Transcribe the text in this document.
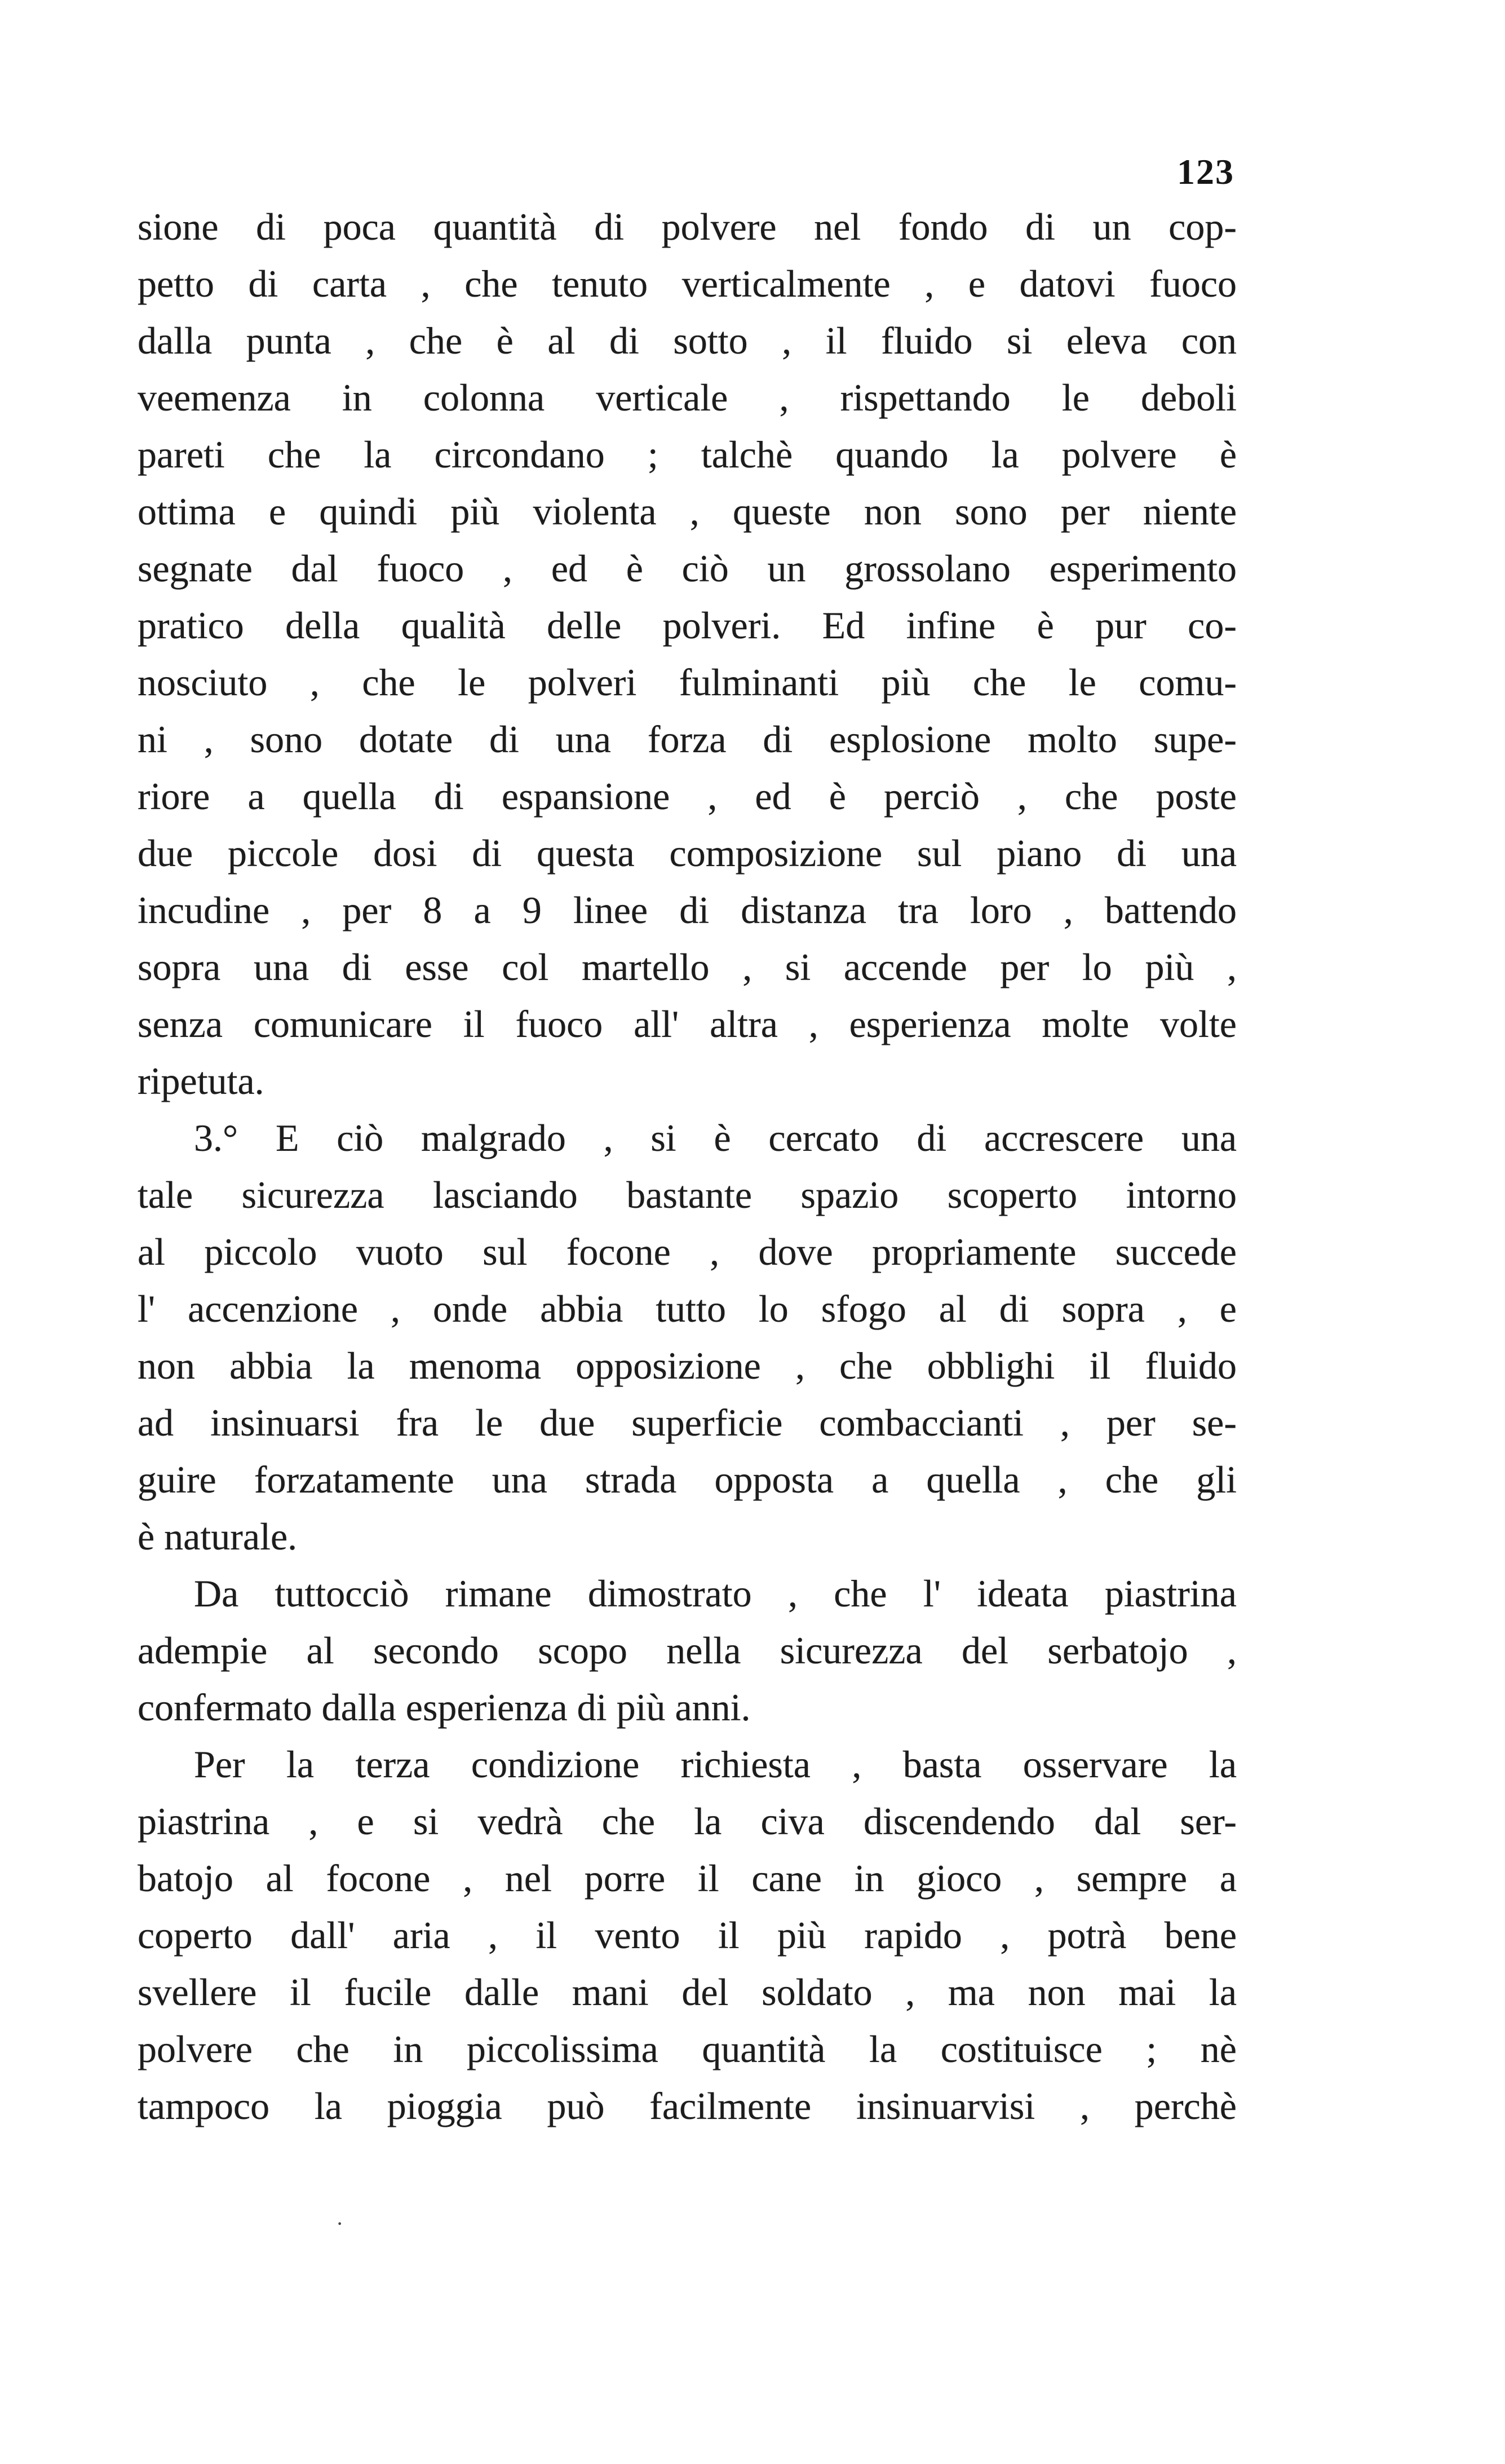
123
sione di poca quantità di polvere nel fondo di un cop-
petto di carta , che tenuto verticalmente , e datovi fuoco
dalla punta , che è al di sotto , il fluido si eleva con
veemenza in colonna verticale , rispettando le deboli
pareti che la circondano ; talchè quando la polvere è
ottima e quindi più violenta , queste non sono per niente
segnate dal fuoco , ed è ciò un grossolano esperimento
pratico della qualità delle polveri. Ed infine è pur co-
nosciuto , che le polveri fulminanti più che le comu-
ni , sono dotate di una forza di esplosione molto supe-
riore a quella di espansione , ed è perciò , che poste
due piccole dosi di questa composizione sul piano di una
incudine , per 8 a 9 linee di distanza tra loro , battendo
sopra una di esse col martello , si accende per lo più ,
senza comunicare il fuoco all' altra , esperienza molte volte
ripetuta.
3.° E ciò malgrado , si è cercato di accrescere una
tale sicurezza lasciando bastante spazio scoperto intorno
al piccolo vuoto sul focone , dove propriamente succede
l' accenzione , onde abbia tutto lo sfogo al di sopra , e
non abbia la menoma opposizione , che obblighi il fluido
ad insinuarsi fra le due superficie combaccianti , per se-
guire forzatamente una strada opposta a quella , che gli
è naturale.
Da tuttocciò rimane dimostrato , che l' ideata piastrina
adempie al secondo scopo nella sicurezza del serbatojo ,
confermato dalla esperienza di più anni.
Per la terza condizione richiesta , basta osservare la
piastrina , e si vedrà che la civa discendendo dal ser-
batojo al focone , nel porre il cane in gioco , sempre a
coperto dall' aria , il vento il più rapido , potrà bene
svellere il fucile dalle mani del soldato , ma non mai la
polvere che in piccolissima quantità la costituisce ; nè
tampoco la pioggia può facilmente insinuarvisi , perchè
·
